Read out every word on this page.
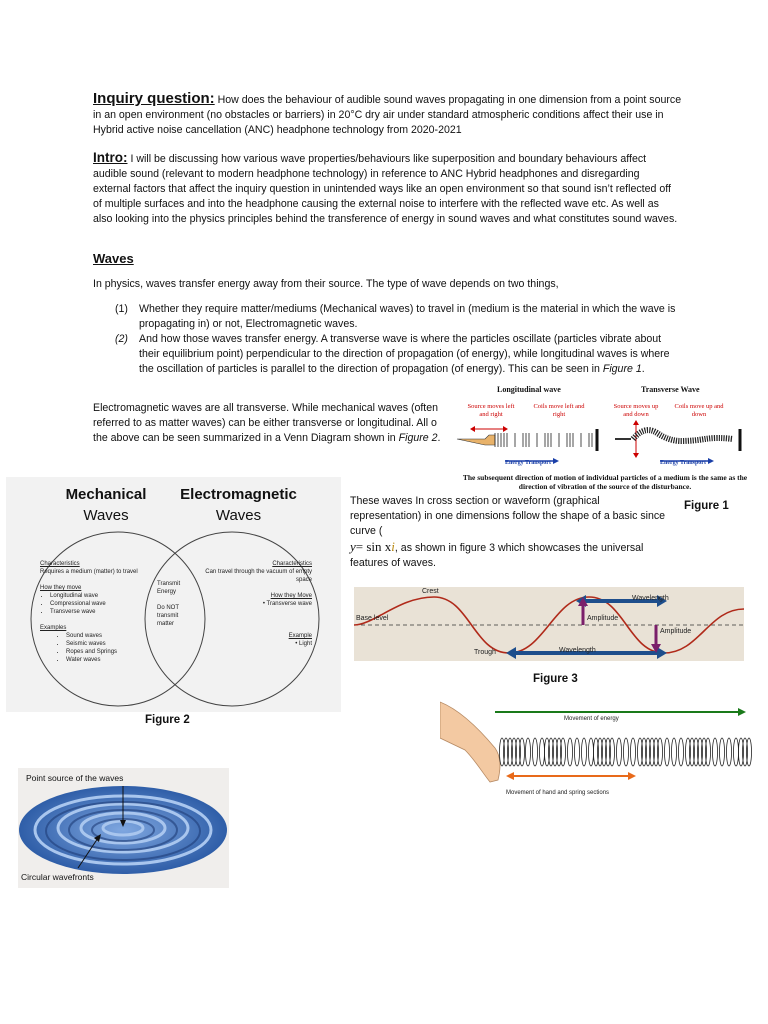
Inquiry question: How does the behaviour of audible sound waves propagating in one dimension from a point source in an open environment (no obstacles or barriers) in 20°C dry air under standard atmospheric conditions affect their use in Hybrid active noise cancellation (ANC) headphone technology from 2020-2021
Intro: I will be discussing how various wave properties/behaviours like superposition and boundary behaviours affect audible sound (relevant to modern headphone technology) in reference to ANC Hybrid headphones and disregarding external factors that affect the inquiry question in unintended ways like an open environment so that sound isn’t reflected off of multiple surfaces and into the headphone causing the external noise to interfere with the reflected wave etc. As well as also looking into the physics principles behind the transference of energy in sound waves and what constitutes sound waves.
Waves
In physics, waves transfer energy away from their source. The type of wave depends on two things,
(1) Whether they require matter/mediums (Mechanical waves) to travel in (medium is the material in which the wave is propagating in) or not, Electromagnetic waves.
(2) And how those waves transfer energy. A transverse wave is where the particles oscillate (particles vibrate about their equilibrium point) perpendicular to the direction of propagation (of energy), while longitudinal waves is where the oscillation of particles is parallel to the direction of propagation (of energy). This can be seen in Figure 1.
Electromagnetic waves are all transverse. While mechanical waves (often referred to as matter waves) can be either transverse or longitudinal. All o the above can be seen summarized in a Venn Diagram shown in Figure 2.
Longitudinal wave	Transverse Wave
Source moves left and right
Coils move left and right
Source moves up and down
Coils move up and down
Energy Transport	Energy Transport
The subsequent direction of motion of individual particles of a medium is the same as the direction of vibration of the source of the disturbance.
Figure 1
Mechanical
Waves
Electromagnetic
Waves
Characteristics
Requires a medium (matter) to travel

How they move
• Longitudinal wave
• Compressional wave
• Transverse wave

Examples
• Sound waves
• Seismic waves
• Ropes and Springs
• Water waves
Transmit Energy

Do NOT transmit matter
Characteristics
Can travel through the vacuum of empty space

How they Move
• Transverse wave

Example
• Light
Figure 2
These waves In cross section or waveform (graphical representation) in one dimensions follow the shape of a basic since curve (
y= sin xi, as shown in figure 3 which showcases the universal features of waves.
Crest
Base level
Trough
Wavelength
Wavelength
Amplitude
Amplitude
Figure 3
Movement of energy
Movement of hand and spring sections
Point source of the waves
Circular wavefronts
